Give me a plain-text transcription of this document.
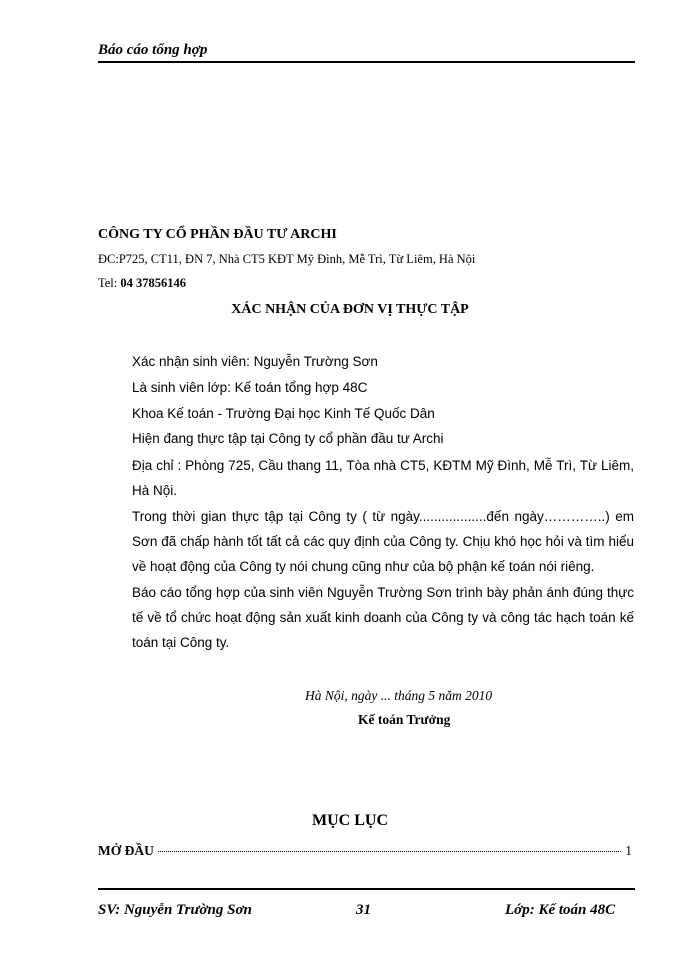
Báo cáo tổng hợp
CÔNG TY CỔ PHẦN ĐẦU TƯ ARCHI
ĐC:P725, CT11, ĐN 7, Nhà CT5 KĐT Mỹ Đình, Mễ Trì, Từ Liêm, Hà Nội
Tel: 04 37856146
XÁC NHẬN CỦA ĐƠN VỊ THỰC TẬP
Xác nhận sinh viên: Nguyễn Trường Sơn
Là sinh viên lớp: Kế toán tổng hợp 48C
Khoa Kế toán - Trường Đại học Kinh Tế Quốc Dân
Hiện đang thực tập tại Công ty cổ phần đầu tư Archi
Địa chỉ : Phòng 725, Cầu thang 11, Tòa nhà CT5, KĐTM Mỹ Đình, Mễ Trì, Từ Liêm, Hà Nội.
Trong thời gian thực tập tại Công ty ( từ ngày..................đến ngày…………..) em Sơn đã chấp hành tốt tất cả các quy định của Công ty. Chịu khó học hỏi và tìm hiểu về hoạt động của Công ty nói chung cũng như của bộ phận kế toán nói riêng.
Báo cáo tổng hợp của sinh viên Nguyễn Trường Sơn trình bày phản ánh đúng thực tế về tổ chức hoạt động sản xuất kinh doanh của Công ty và công tác hạch toán kế toán tại Công ty.
Hà Nội, ngày ... tháng 5 năm 2010
Kế toán Trưởng
MỤC LỤC
MỞ ĐẦU	1
SV: Nguyễn Trường Sơn	31	Lớp: Kế toán 48C
